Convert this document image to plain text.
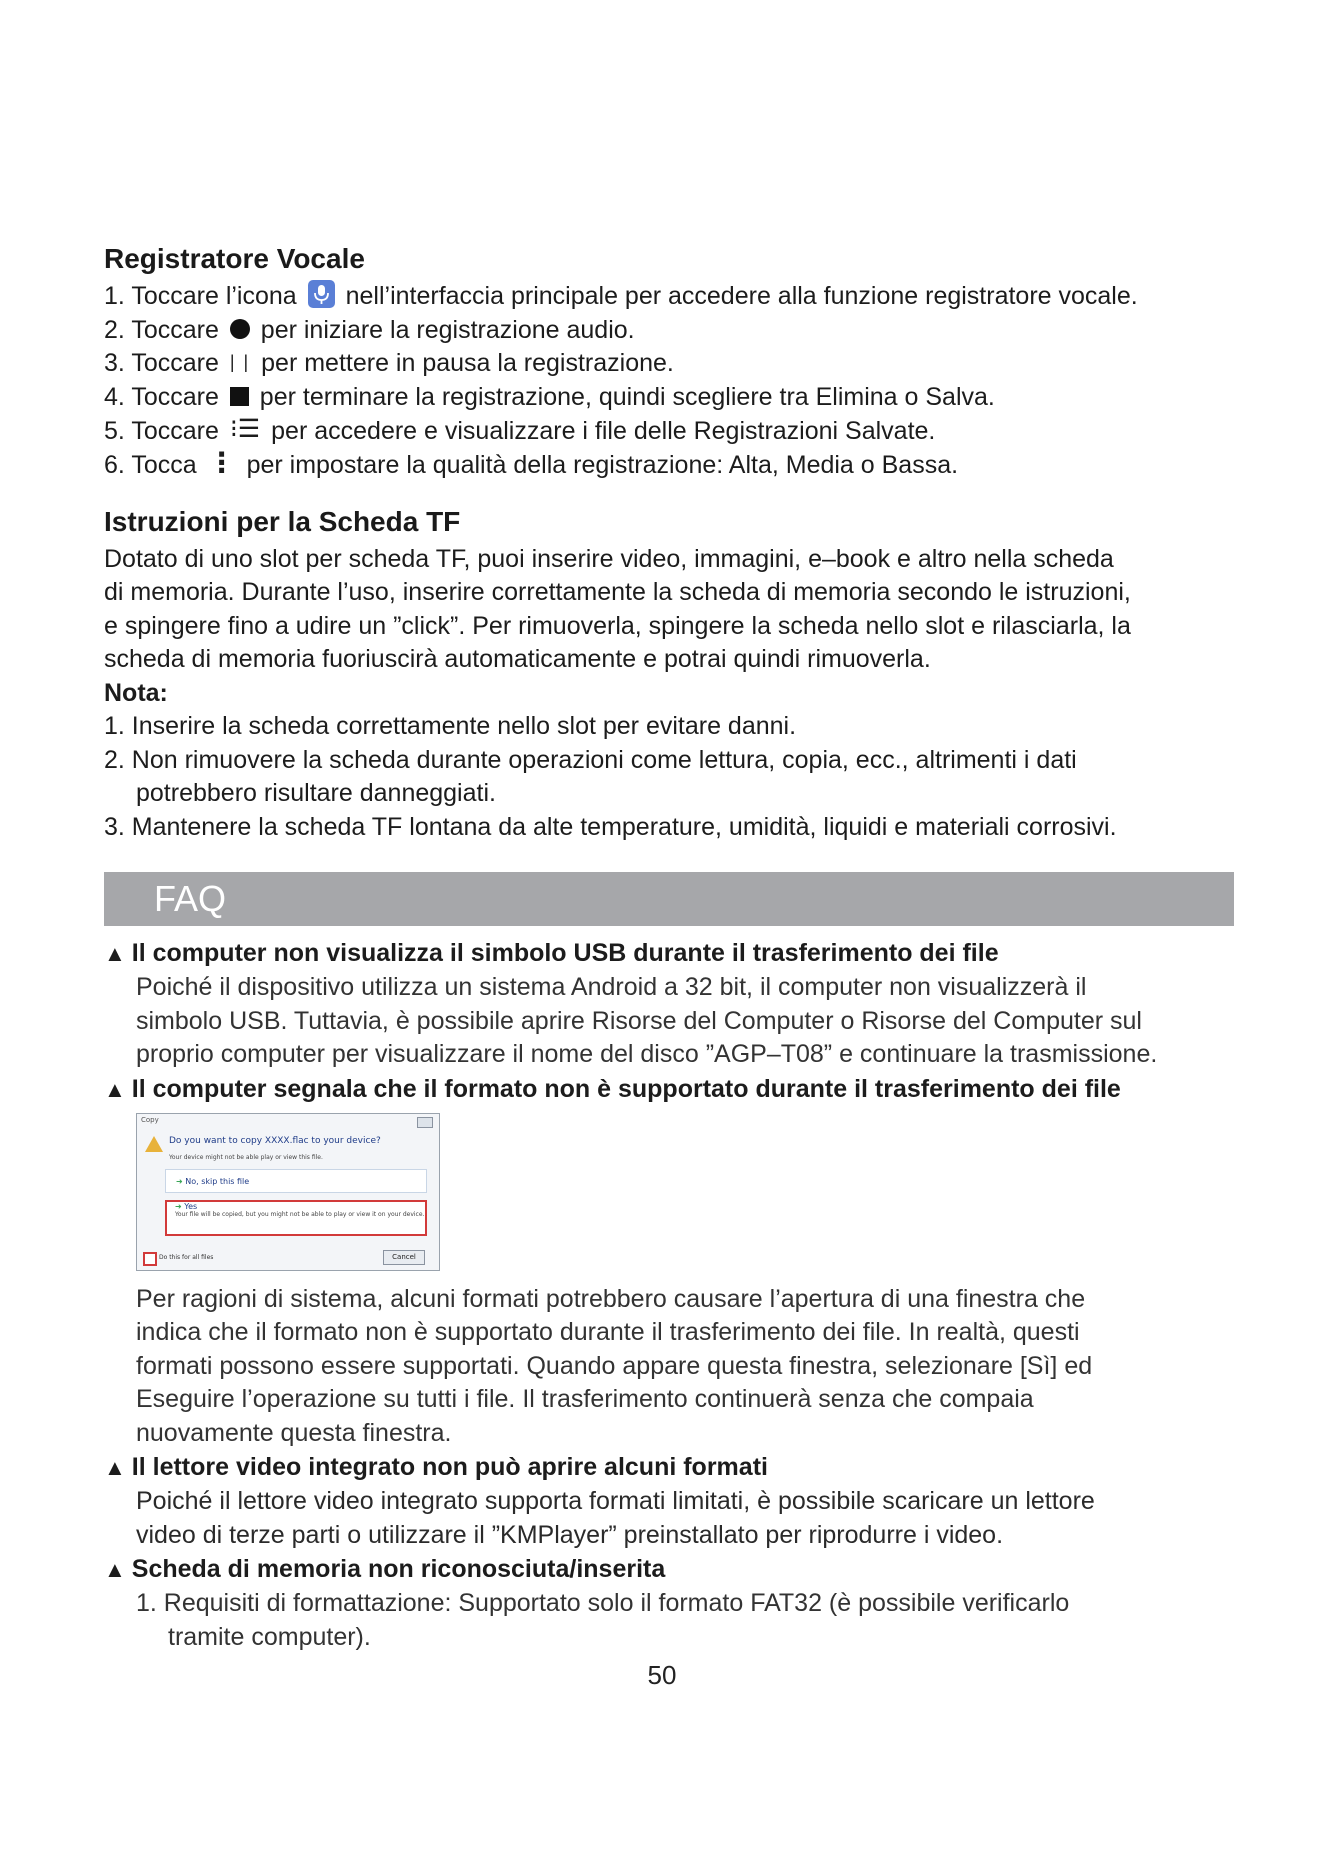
Registratore Vocale
1. Toccare l’icona nell’interfaccia principale per accedere alla funzione registratore vocale.
2. Toccare per iniziare la registrazione audio.
3. Toccare | | per mettere in pausa la registrazione.
4. Toccare per terminare la registrazione, quindi scegliere tra Elimina o Salva.
5. Toccare ⁝☰ per accedere e visualizzare i file delle Registrazioni Salvate.
6. Tocca ⋮ per impostare la qualità della registrazione: Alta, Media o Bassa.
Istruzioni per la Scheda TF
Dotato di uno slot per scheda TF, puoi inserire video, immagini, e–book e altro nella scheda
di memoria. Durante l’uso, inserire correttamente la scheda di memoria secondo le istruzioni,
e spingere fino a udire un ”click”. Per rimuoverla, spingere la scheda nello slot e rilasciarla, la
scheda di memoria fuoriuscirà automaticamente e potrai quindi rimuoverla.
Nota:
1. Inserire la scheda correttamente nello slot per evitare danni.
2. Non rimuovere la scheda durante operazioni come lettura, copia, ecc., altrimenti i dati
potrebbero risultare danneggiati.
3. Mantenere la scheda TF lontana da alte temperature, umidità, liquidi e materiali corrosivi.
FAQ
▲ Il computer non visualizza il simbolo USB durante il trasferimento dei file
Poiché il dispositivo utilizza un sistema Android a 32 bit, il computer non visualizzerà il
simbolo USB. Tuttavia, è possibile aprire Risorse del Computer o Risorse del Computer sul
proprio computer per visualizzare il nome del disco ”AGP–T08” e continuare la trasmissione.
▲ Il computer segnala che il formato non è supportato durante il trasferimento dei file
Copy
Do you want to copy XXXX.flac to your device?
Your device might not be able play or view this file.
➜ No, skip this file
➜ Yes
Your file will be copied, but you might not be able to play or view it on your device.
Do this for all files	Cancel
Per ragioni di sistema, alcuni formati potrebbero causare l’apertura di una finestra che
indica che il formato non è supportato durante il trasferimento dei file. In realtà, questi
formati possono essere supportati. Quando appare questa finestra, selezionare [Sì] ed
Eseguire l’operazione su tutti i file. Il trasferimento continuerà senza che compaia
nuovamente questa finestra.
▲ Il lettore video integrato non può aprire alcuni formati
Poiché il lettore video integrato supporta formati limitati, è possibile scaricare un lettore
video di terze parti o utilizzare il ”KMPlayer” preinstallato per riprodurre i video.
▲ Scheda di memoria non riconosciuta/inserita
1. Requisiti di formattazione: Supportato solo il formato FAT32 (è possibile verificarlo
tramite computer).
50
